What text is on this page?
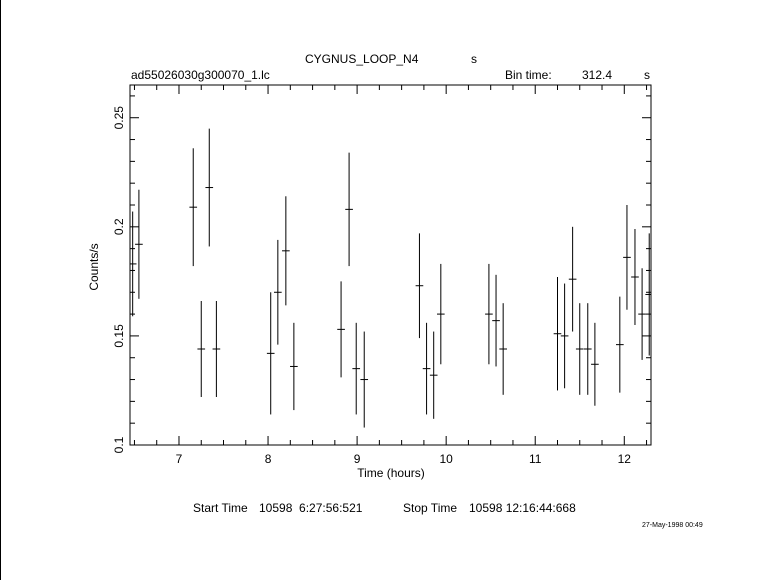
CYGNUS_LOOP_N4	s
ad55026030g300070_1.lc	Bin time:	312.4	s
7	8	9	10	11	12
0.1
0.15
0.2
0.25
Time (hours)
Counts/s
Start Time 10598  6:27:56:521	Stop Time 10598 12:16:44:668
27-May-1998 00:49
